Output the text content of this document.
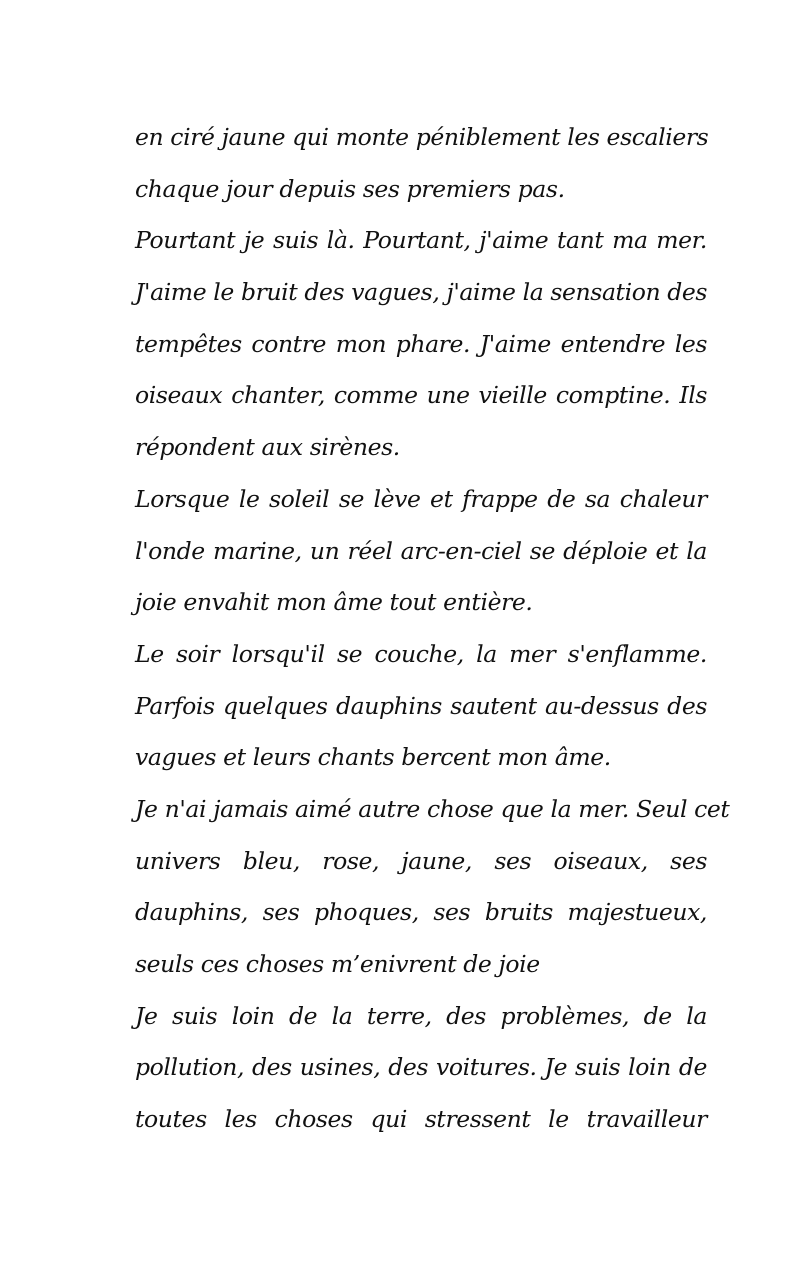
en ciré jaune qui monte péniblement les escaliers
chaque jour depuis ses premiers pas.
Pourtant je suis là. Pourtant, j'aime tant ma mer.
J'aime le bruit des vagues, j'aime la sensation des
tempêtes contre mon phare. J'aime entendre les
oiseaux chanter, comme une vieille comptine. Ils
répondent aux sirènes.
Lorsque le soleil se lève et frappe de sa chaleur
l'onde marine, un réel arc-en-ciel se déploie et la
joie envahit mon âme tout entière.
Le soir lorsqu'il se couche, la mer s'enflamme.
Parfois quelques dauphins sautent au-dessus des
vagues et leurs chants bercent mon âme.
Je n'ai jamais aimé autre chose que la mer. Seul cet
univers bleu, rose, jaune, ses oiseaux, ses
dauphins, ses phoques, ses bruits majestueux,
seuls ces choses m’enivrent de joie
Je suis loin de la terre, des problèmes, de la
pollution, des usines, des voitures. Je suis loin de
toutes les choses qui stressent le travailleur
